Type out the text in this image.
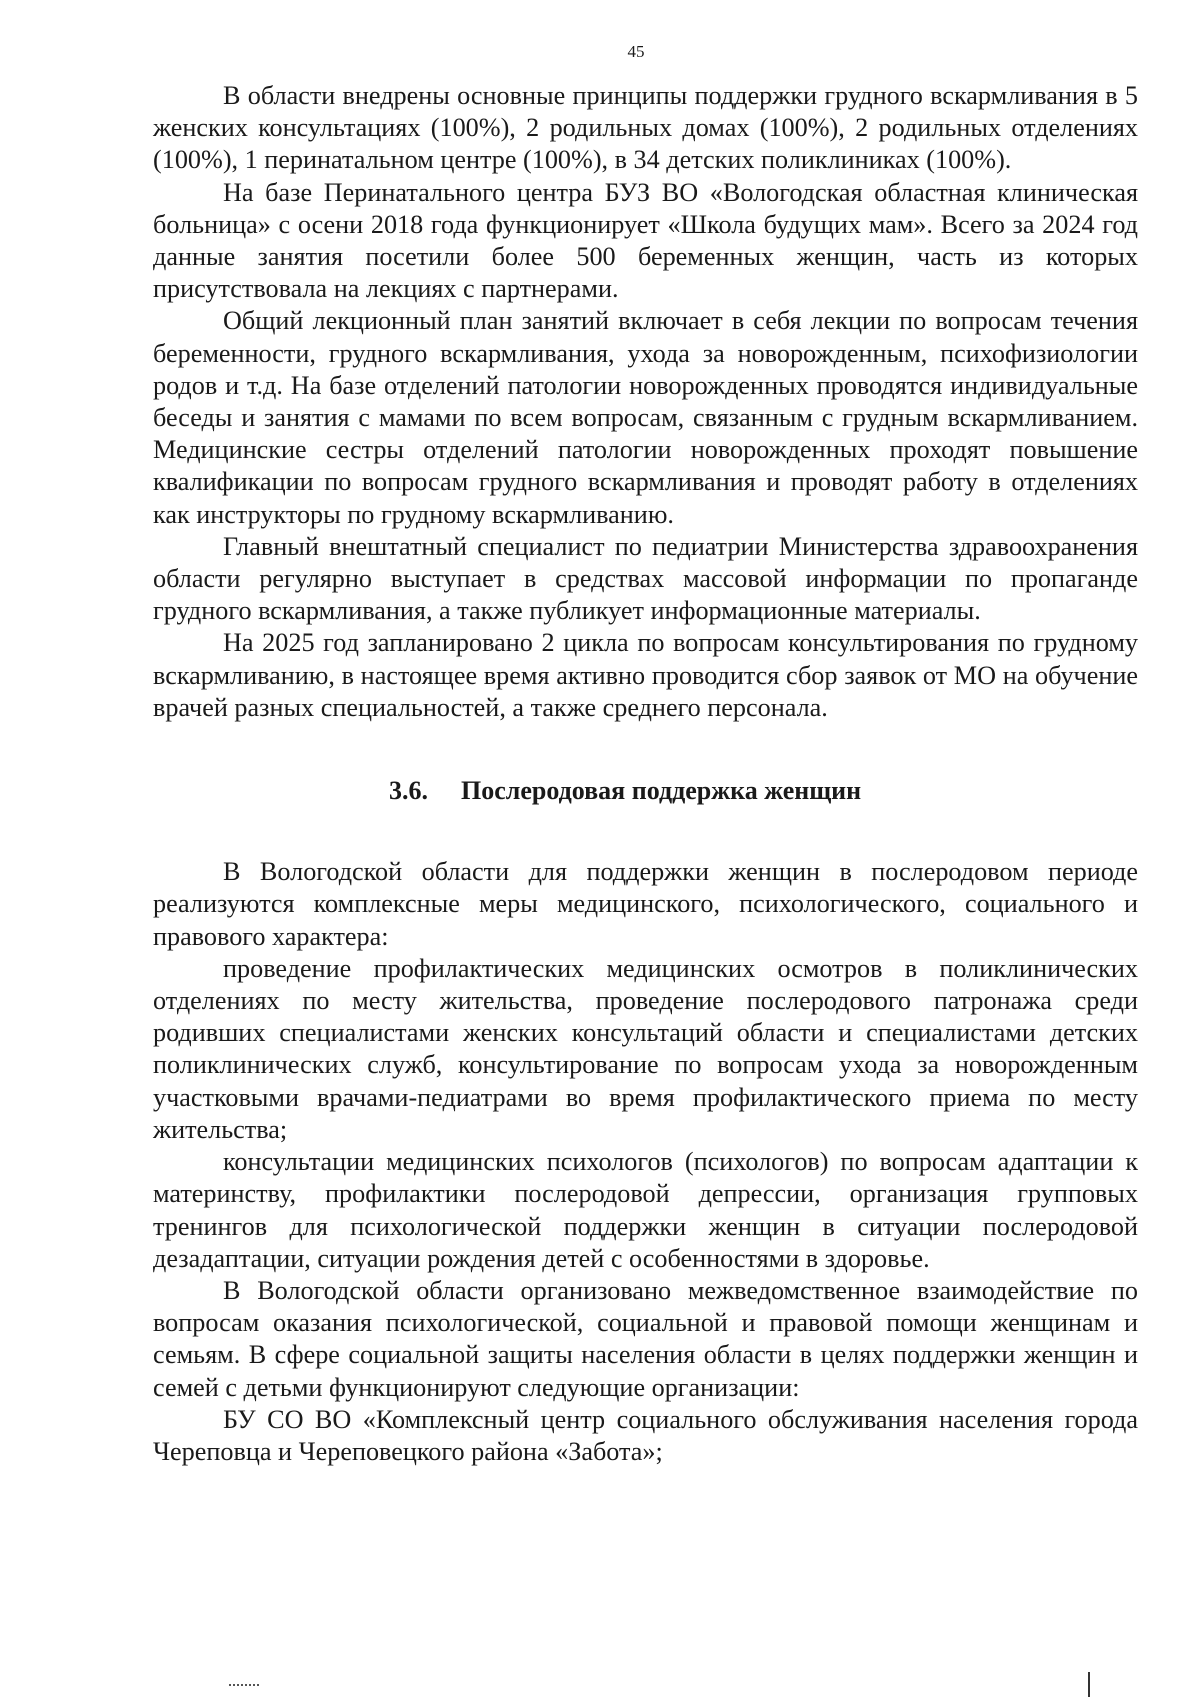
45

В области внедрены основные принципы поддержки грудного вскармливания в 5 женских консультациях (100%), 2 родильных домах (100%), 2 родильных отделениях (100%), 1 перинатальном центре (100%), в 34 детских поликлиниках (100%).

На базе Перинатального центра БУЗ ВО «Вологодская областная клиническая больница» с осени 2018 года функционирует «Школа будущих мам». Всего за 2024 год данные занятия посетили более 500 беременных женщин, часть из которых присутствовала на лекциях с партнерами.

Общий лекционный план занятий включает в себя лекции по вопросам течения беременности, грудного вскармливания, ухода за новорожденным, психофизиологии родов и т.д. На базе отделений патологии новорожденных проводятся индивидуальные беседы и занятия с мамами по всем вопросам, связанным с грудным вскармливанием. Медицинские сестры отделений патологии новорожденных проходят повышение квалификации по вопросам грудного вскармливания и проводят работу в отделениях как инструкторы по грудному вскармливанию.

Главный внештатный специалист по педиатрии Министерства здравоохранения области регулярно выступает в средствах массовой информации по пропаганде грудного вскармливания, а также публикует информационные материалы.

На 2025 год запланировано 2 цикла по вопросам консультирования по грудному вскармливанию, в настоящее время активно проводится сбор заявок от МО на обучение врачей разных специальностей, а также среднего персонала.

3.6. Послеродовая поддержка женщин

В Вологодской области для поддержки женщин в послеродовом периоде реализуются комплексные меры медицинского, психологического, социального и правового характера:

проведение профилактических медицинских осмотров в поликлинических отделениях по месту жительства, проведение послеродового патронажа среди родивших специалистами женских консультаций области и специалистами детских поликлинических служб, консультирование по вопросам ухода за новорожденным участковыми врачами-педиатрами во время профилактического приема по месту жительства;

консультации медицинских психологов (психологов) по вопросам адаптации к материнству, профилактики послеродовой депрессии, организация групповых тренингов для психологической поддержки женщин в ситуации послеродовой дезадаптации, ситуации рождения детей с особенностями в здоровье.

В Вологодской области организовано межведомственное взаимодействие по вопросам оказания психологической, социальной и правовой помощи женщинам и семьям. В сфере социальной защиты населения области в целях поддержки женщин и семей с детьми функционируют следующие организации:

БУ СО ВО «Комплексный центр социального обслуживания населения города Череповца и Череповецкого района «Забота»;
